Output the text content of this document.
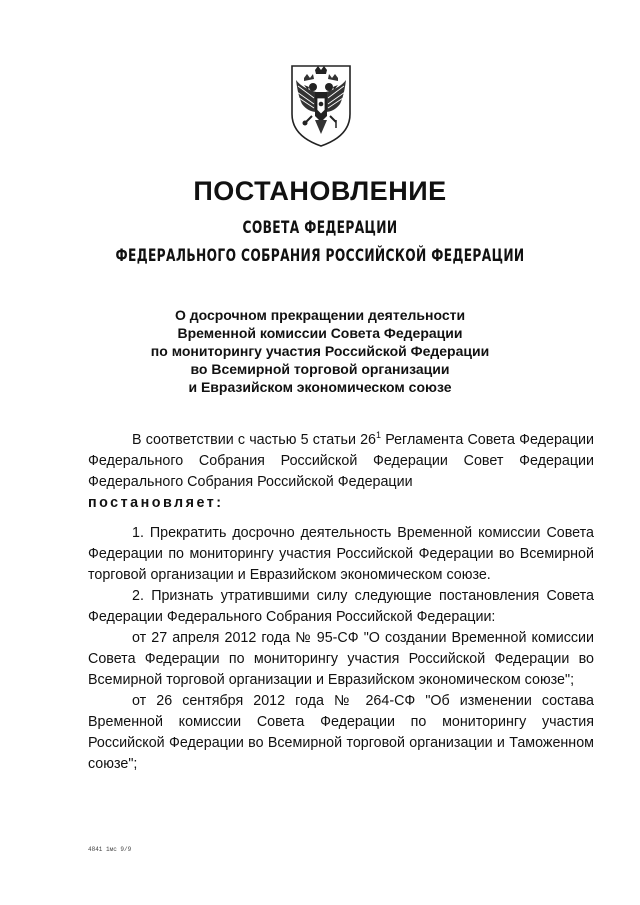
ПОСТАНОВЛЕНИЕ
СОВЕТА ФЕДЕРАЦИИ
ФЕДЕРАЛЬНОГО СОБРАНИЯ РОССИЙСКОЙ ФЕДЕРАЦИИ
О досрочном прекращении деятельности
Временной комиссии Совета Федерации
по мониторингу участия Российской Федерации
во Всемирной торговой организации
и Евразийском экономическом союзе

В соответствии с частью 5 статьи $26^1$ Регламента Совета Федерации Федерального Собрания Российской Федерации Совет Федерации Федерального Собрания Российской Федерации
постановляет:

1. Прекратить досрочно деятельность Временной комиссии Совета Федерации по мониторингу участия Российской Федерации во Всемирной торговой организации и Евразийском экономическом союзе.

2. Признать утратившими силу следующие постановления Совета Федерации Федерального Собрания Российской Федерации:

от 27 апреля 2012 года № 95-СФ "О создании Временной комиссии Совета Федерации по мониторингу участия Российской Федерации во Всемирной торговой организации и Евразийском экономическом союзе";

от 26 сентября 2012 года № 264-СФ "Об изменении состава Временной комиссии Совета Федерации по мониторингу участия Российской Федерации во Всемирной торговой организации и Таможенном союзе";

4841 1мс 9/9
